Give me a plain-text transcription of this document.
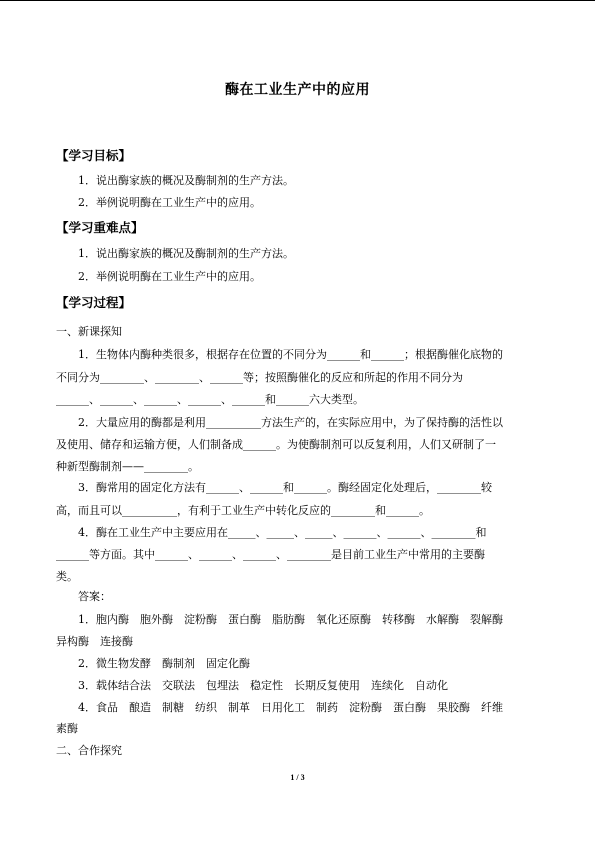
酶在工业生产中的应用
【学习目标】
1．说出酶家族的概况及酶制剂的生产方法。
2．举例说明酶在工业生产中的应用。
【学习重难点】
1．说出酶家族的概况及酶制剂的生产方法。
2．举例说明酶在工业生产中的应用。
【学习过程】
一、新课探知
1．生物体内酶种类很多，根据存在位置的不同分为______和______；根据酶催化底物的
不同分为________、________、______等；按照酶催化的反应和所起的作用不同分为
______、______、______、______、______和______六大类型。
2．大量应用的酶都是利用__________方法生产的，在实际应用中，为了保持酶的活性以
及使用、储存和运输方便，人们制备成______。为使酶制剂可以反复利用，人们又研制了一
种新型酶制剂——________。
3．酶常用的固定化方法有______、______和______。酶经固定化处理后，________较
高，而且可以__________，有利于工业生产中转化反应的________和______。
4．酶在工业生产中主要应用在_____、_____、_____、______、______、________和
______等方面。其中______、______、______、________是目前工业生产中常用的主要酶
类。
答案：
1．胞内酶　胞外酶　淀粉酶　蛋白酶　脂肪酶　氧化还原酶　转移酶　水解酶　裂解酶
异构酶　连接酶
2．微生物发酵　酶制剂　固定化酶
3．载体结合法　交联法　包埋法　稳定性　长期反复使用　连续化　自动化
4．食品　酿造　制糖　纺织　制革　日用化工　制药　淀粉酶　蛋白酶　果胶酶　纤维
素酶
二、合作探究
1 / 3
